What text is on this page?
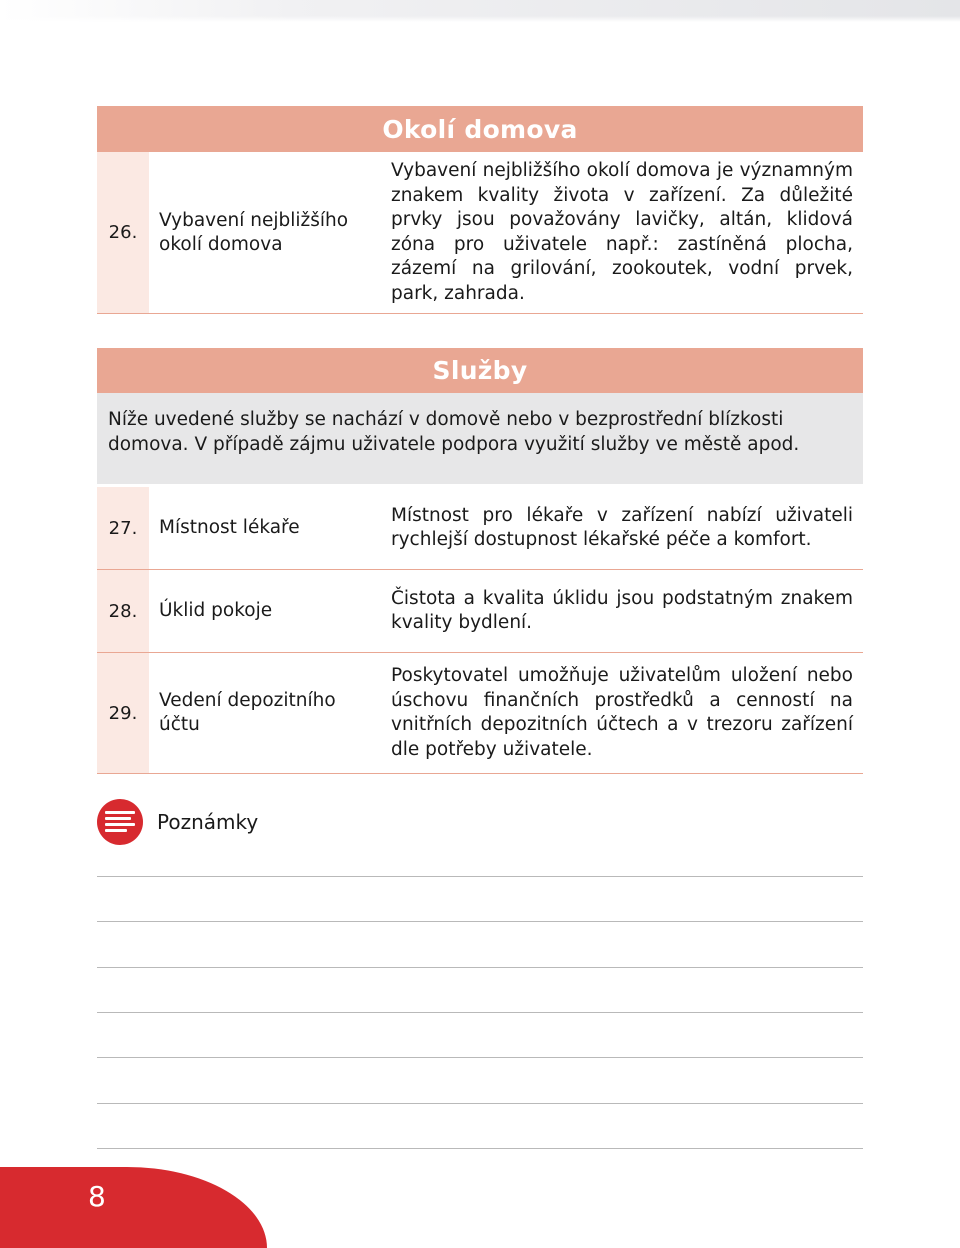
Okolí domova
26.
Vybavení nejbližšího
okolí domova
Vybavení nejbližšího okolí domova je významným znakem kvality života v zařízení. Za důležité prvky jsou považovány lavičky, altán, klidová zóna pro uživatele např.: zastíněná plocha, zázemí na grilování, zookoutek, vodní prvek, park, zahrada.
Služby
Níže uvedené služby se nachází v domově nebo v bezprostřední blízkosti domova. V případě zájmu uživatele podpora využití služby ve městě apod.
27.	Místnost lékaře
Místnost pro lékaře v zařízení nabízí uživateli rychlejší dostupnost lékařské péče a komfort.
28.	Úklid pokoje
Čistota a kvalita úklidu jsou podstatným znakem kvality bydlení.
29.
Vedení depozitního
účtu
Poskytovatel umožňuje uživatelům uložení nebo úschovu finančních prostředků a cenností na vnitřních depozitních účtech a v trezoru zařízení dle potřeby uživatele.
Poznámky
8
